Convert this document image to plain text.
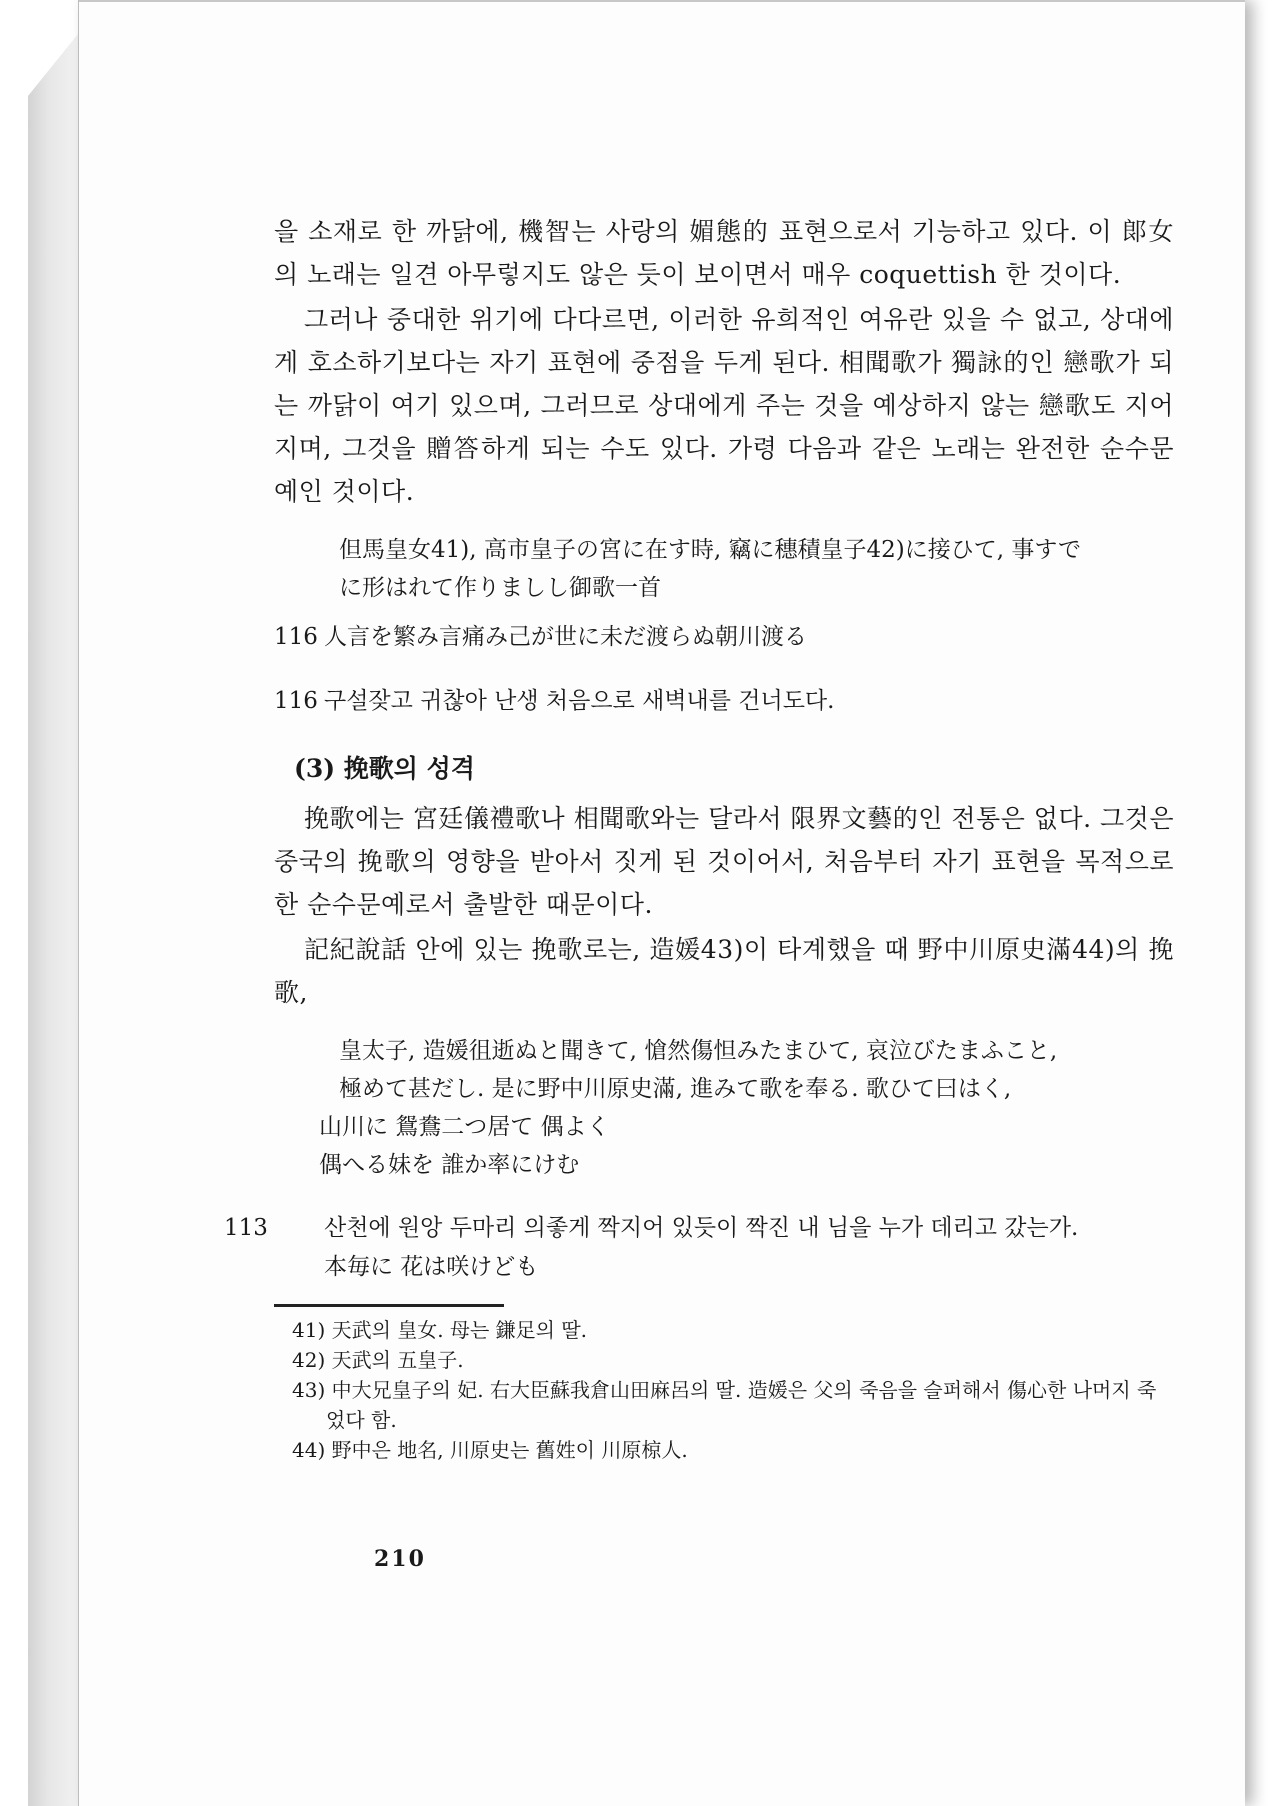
을 소재로 한 까닭에, 機智는 사랑의 媚態的 표현으로서 기능하고 있다. 이 郞女의 노래는 일견 아무렇지도 않은 듯이 보이면서 매우 coquettish 한 것이다.

그러나 중대한 위기에 다다르면, 이러한 유희적인 여유란 있을 수 없고, 상대에게 호소하기보다는 자기 표현에 중점을 두게 된다. 相聞歌가 獨詠的인 戀歌가 되는 까닭이 여기 있으며, 그러므로 상대에게 주는 것을 예상하지 않는 戀歌도 지어지며, 그것을 贈答하게 되는 수도 있다. 가령 다음과 같은 노래는 완전한 순수문예인 것이다.

但馬皇女41), 高市皇子の宮に在す時, 竊に穗積皇子42)に接ひて, 事すで

に形はれて作りましし御歌一首

116 人言を繁み言痛み己が世に未だ渡らぬ朝川渡る

116 구설잦고 귀찮아 난생 처음으로 새벽내를 건너도다.

(3) 挽歌의 성격

挽歌에는 宮廷儀禮歌나 相聞歌와는 달라서 限界文藝的인 전통은 없다. 그것은 중국의 挽歌의 영향을 받아서 짓게 된 것이어서, 처음부터 자기 표현을 목적으로 한 순수문예로서 출발한 때문이다.

記紀說話 안에 있는 挽歌로는, 造媛43)이 타계했을 때 野中川原史滿44)의 挽歌,

皇太子, 造媛徂逝ぬと聞きて, 愴然傷怛みたまひて, 哀泣びたまふこと,

極めて甚だし. 是に野中川原史滿, 進みて歌を奉る. 歌ひて曰はく,

山川に 鴛鴦二つ居て 偶よく

偶へる妹を 誰か率にけむ

113 산천에 원앙 두마리 의좋게 짝지어 있듯이 짝진 내 님을 누가 데리고 갔는가.

本毎に 花は咲けども

41) 天武의 皇女. 母는 鎌足의 딸.

42) 天武의 五皇子.

43) 中大兄皇子의 妃. 右大臣蘇我倉山田麻呂의 딸. 造媛은 父의 죽음을 슬퍼해서 傷心한 나머지 죽었다 함.

44) 野中은 地名, 川原史는 舊姓이 川原椋人.

210
